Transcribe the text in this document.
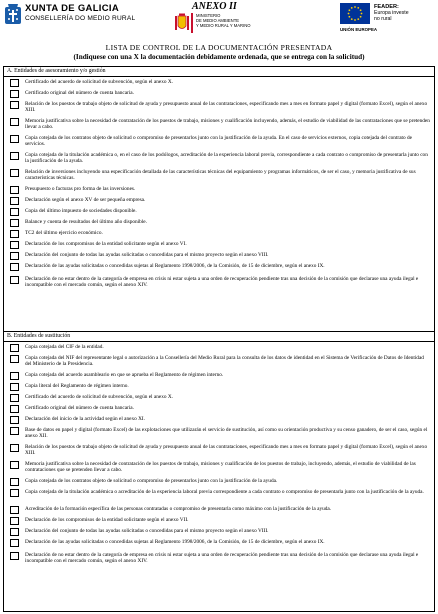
XUNTA DE GALICIA
CONSELLERÍA DO MEDIO RURAL
ANEXO II
MINISTERIO
DE MEDIO AMBIENTE
Y MEDIO RURAL Y MARINO
FEADER:
Europa investe
no rural
UNIÓN EUROPEA
LISTA DE CONTROL DE LA DOCUMENTACIÓN PRESENTADA
(Indiquese con una X la documentación debidamente ordenada, que se entrega con la solicitud)
A. Entidades de asesoramiento y/o gestión
Certificado del acuerdo de solicitud de subvención, según el anexo X.
Certificado original del número de cuenta bancaria.
Relación de los puestos de trabajo objeto de solicitud de ayuda y presupuesto anual de las contrataciones, especificando mes a mes en formato papel y digital (formato Excel), según el anexo XIII.
Memoria justificativa sobre la necesidad de contratación de los puestos de trabajo, misiones y cualificación incluyendo, además, el estudio de viabilidad de las contrataciones que se pretenden llevar a cabo.
Copia cotejada de los contratos objeto de solicitud o compromiso de presentarlos junto con la justificación de la ayuda. En el caso de servicios externos, copia cotejada del contrato de servicios.
Copia cotejada de la titulación académica o, en el caso de los podólogos, acreditación de la experiencia laboral previa, correspondiente a cada contrato o compromiso de presentarla junto con la justificación de la ayuda.
Relación de inversiones incluyendo una especificación detallada de las características técnicas del equipamiento y programas informáticos, de ser el caso, y memoria justificativa de sus características técnicas.
Presupuesto o facturas pro forma de las inversiones.
Declaración según el anexo XV de ser pequeña empresa.
Copia del último impuesto de sociedades disponible.
Balance y cuenta de resultados del último año disponible.
TC2 del último ejercicio económico.
Declaración de los compromisos de la entidad solicitante según el anexo VI.
Declaración del conjunto de todas las ayudas solicitadas o concedidas para el mismo proyecto según el anexo VIII.
Declaración de las ayudas solicitadas o concedidas sujetas al Reglamento 1998/2006, de la Comisión, de 15 de diciembre, según el anexo IX.
Declaración de no estar dentro de la categoría de empresa en crisis ni estar sujeta a una orden de recuperación pendiente tras una decisión de la comisión que declarase una ayuda ilegal e incompatible con el mercado común, según el anexo XIV.
B. Entidades de sustitución
Copia cotejada del CIF de la entidad.
Copia cotejada del NIF del representante legal o autorización a la Consellería del Medio Rural para la consulta de los datos de identidad en el Sistema de Verificación de Datos de Identidad del Ministerio de la Presidencia.
Copia cotejada del acuerdo asambleario en que se aprueba el Reglamento de régimen interno.
Copia literal del Reglamento de régimen interno.
Certificado del acuerdo de solicitud de subvención, según el anexo X.
Certificado original del número de cuenta bancaria.
Declaración del inicio de la actividad según el anexo XI.
Base de datos en papel y digital (formato Excel) de las explotaciones que utilizarán el servicio de sustitución, así como su orientación productiva y su censo ganadero, de ser el caso, según el anexo XII.
Relación de los puestos de trabajo objeto de solicitud de ayuda y presupuesto anual de las contrataciones, especificando mes a mes en formato papel y digital (formato Excel), según el anexo XIII.
Memoria justificativa sobre la necesidad de contratación de los puestos de trabajo, misiones y cualificación de los puestos de trabajo, incluyendo, además, el estudio de viabilidad de las contrataciones que se pretenden llevar a cabo.
Copia cotejada de los contratos objeto de solicitud o compromiso de presentarlos junto con la justificación de la ayuda.
Copia cotejada de la titulación académica o acreditación de la experiencia laboral previa correspondiente a cada contrato o compromiso de presentarla junto con la justificación de la ayuda.
Acreditación de la formación específica de las personas contratadas o compromiso de presentarla como máximo con la justificación de la ayuda.
Declaración de los compromisos de la entidad solicitante según el anexo VII.
Declaración del conjunto de todas las ayudas solicitadas o concedidas para el mismo proyecto según el anexo VIII.
Declaración de las ayudas solicitadas o concedidas sujetas al Reglamento 1998/2006, de la Comisión, de 15 de diciembre, según el anexo IX.
Declaración de no estar dentro de la categoría de empresa en crisis ni estar sujeta a una orden de recuperación pendiente tras una decisión de la comisión que declarase una ayuda ilegal e incompatible con el mercado común, según el anexo XIV.
